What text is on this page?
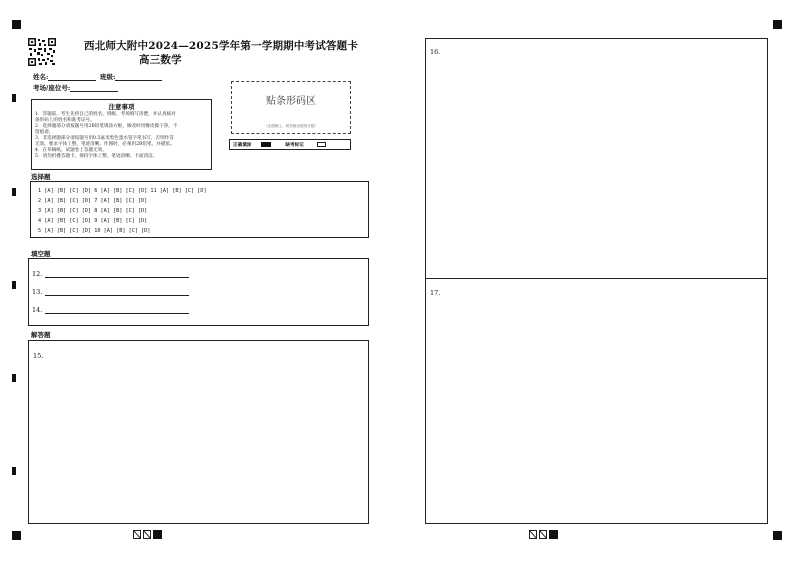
西北师大附中2024—2025学年第一学期期中考试答题卡
高三数学
姓名:	班级:
考场/座位号:
贴条形码区
（正面朝上，切勿贴出虚线方框）
注意事项
1．答题前，考生先将自己的姓名、班级、考场填写清楚，并认真核对
条形码上的姓名和准考证号。
2．选择题部分请按题号用2B铅笔填涂方框，修改时用橡皮擦干净，不
留痕迹。
3．非选择题部分请按题号用0.5毫米黑色墨水签字笔书写，否则作答
无效。要求字体工整、笔迹清晰。作图时，必须用2B铅笔，并描浓。
4．在草稿纸、试题卷上答题无效。
5．请勿折叠答题卡。保持字体工整、笔迹清晰、卡面清洁。
正确填涂	缺考标记
选择题
1 [A] [B] [C] [D] 6 [A] [B] [C] [D] 11 [A] [B] [C] [D]
2 [A] [B] [C] [D] 7 [A] [B] [C] [D]
3 [A] [B] [C] [D] 8 [A] [B] [C] [D]
4 [A] [B] [C] [D] 9 [A] [B] [C] [D]
5 [A] [B] [C] [D] 10 [A] [B] [C] [D]
填空题
12.
13.
14.
解答题
15.
16.
17.
